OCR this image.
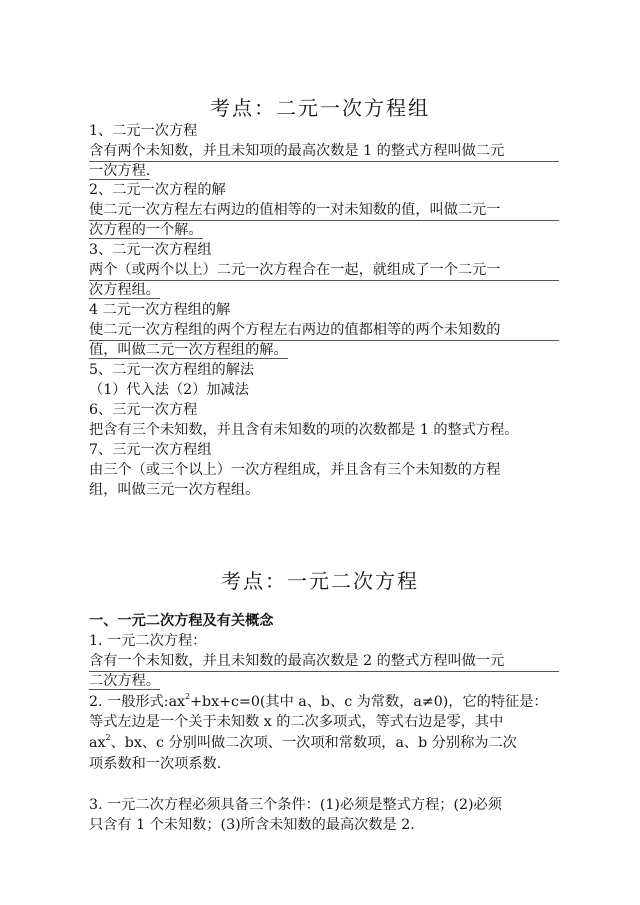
考点：二元一次方程组
1、二元一次方程
含有两个未知数，并且未知项的最高次数是 1 的整式方程叫做二元
一次方程.
2、二元一次方程的解
使二元一次方程左右两边的值相等的一对未知数的值，叫做二元一
次方程的一个解。
3、二元一次方程组
两个（或两个以上）二元一次方程合在一起，就组成了一个二元一
次方程组。
4 二元一次方程组的解
使二元一次方程组的两个方程左右两边的值都相等的两个未知数的
值，叫做二元一次方程组的解。
5、二元一次方程组的解法
（1）代入法（2）加减法
6、三元一次方程
把含有三个未知数，并且含有未知数的项的次数都是 1 的整式方程。
7、三元一次方程组
由三个（或三个以上）一次方程组成，并且含有三个未知数的方程
组，叫做三元一次方程组。
考点：一元二次方程
一、一元二次方程及有关概念
1. 一元二次方程：
含有一个未知数，并且未知数的最高次数是 2 的整式方程叫做一元
二次方程。
2. 一般形式$:ax^2+bx+c=0$(其中 a、b、c 为常数，a≠0)，它的特征是：
等式左边是一个关于未知数 x 的二次多项式，等式右边是零，其中
$ax^2$、bx、c 分别叫做二次项、一次项和常数项，a、b 分别称为二次
项系数和一次项系数.
3. 一元二次方程必须具备三个条件：(1)必须是整式方程；(2)必须
只含有 1 个未知数；(3)所含未知数的最高次数是 2.
